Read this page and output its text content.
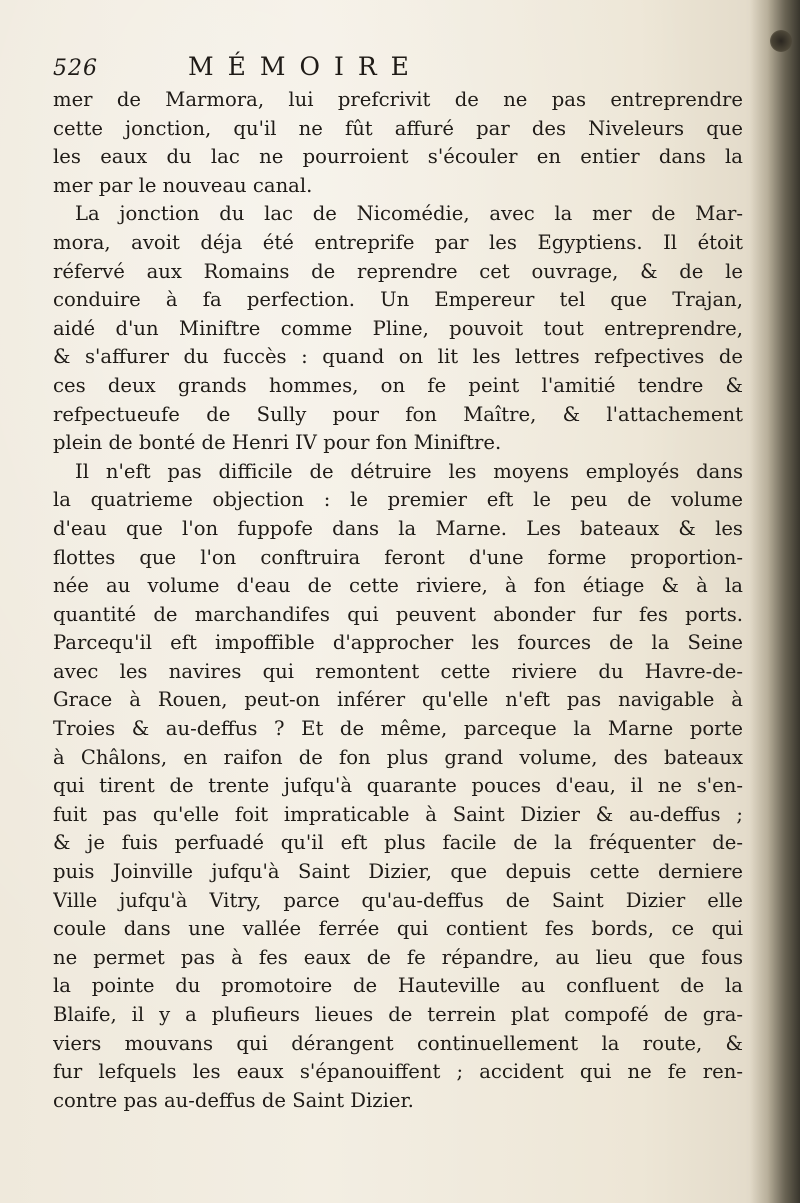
526	MÉMOIRE
mer de Marmora, lui prefcrivit de ne pas entreprendre
cette jonction, qu'il ne fût affuré par des Niveleurs que
les eaux du lac ne pourroient s'écouler en entier dans la
mer par le nouveau canal.
La jonction du lac de Nicomédie, avec la mer de Mar-
mora, avoit déja été entreprife par les Egyptiens. Il étoit
réfervé aux Romains de reprendre cet ouvrage, & de le
conduire à fa perfection. Un Empereur tel que Trajan,
aidé d'un Miniftre comme Pline, pouvoit tout entreprendre,
& s'affurer du fuccès : quand on lit les lettres refpectives de
ces deux grands hommes, on fe peint l'amitié tendre &
refpectueufe de Sully pour fon Maître, & l'attachement
plein de bonté de Henri IV pour fon Miniftre.
Il n'eft pas difficile de détruire les moyens employés dans
la quatrieme objection : le premier eft le peu de volume
d'eau que l'on fuppofe dans la Marne. Les bateaux & les
flottes que l'on conftruira feront d'une forme proportion-
née au volume d'eau de cette riviere, à fon étiage & à la
quantité de marchandifes qui peuvent abonder fur fes ports.
Parcequ'il eft impoffible d'approcher les fources de la Seine
avec les navires qui remontent cette riviere du Havre-de-
Grace à Rouen, peut-on inférer qu'elle n'eft pas navigable à
Troies & au-deffus ? Et de même, parceque la Marne porte
à Châlons, en raifon de fon plus grand volume, des bateaux
qui tirent de trente jufqu'à quarante pouces d'eau, il ne s'en-
fuit pas qu'elle foit impraticable à Saint Dizier & au-deffus ;
& je fuis perfuadé qu'il eft plus facile de la fréquenter de-
puis Joinville jufqu'à Saint Dizier, que depuis cette derniere
Ville jufqu'à Vitry, parce qu'au-deffus de Saint Dizier elle
coule dans une vallée ferrée qui contient fes bords, ce qui
ne permet pas à fes eaux de fe répandre, au lieu que fous
la pointe du promotoire de Hauteville au confluent de la
Blaife, il y a plufieurs lieues de terrein plat compofé de gra-
viers mouvans qui dérangent continuellement la route, &
fur lefquels les eaux s'épanouiffent ; accident qui ne fe ren-
contre pas au-deffus de Saint Dizier.
